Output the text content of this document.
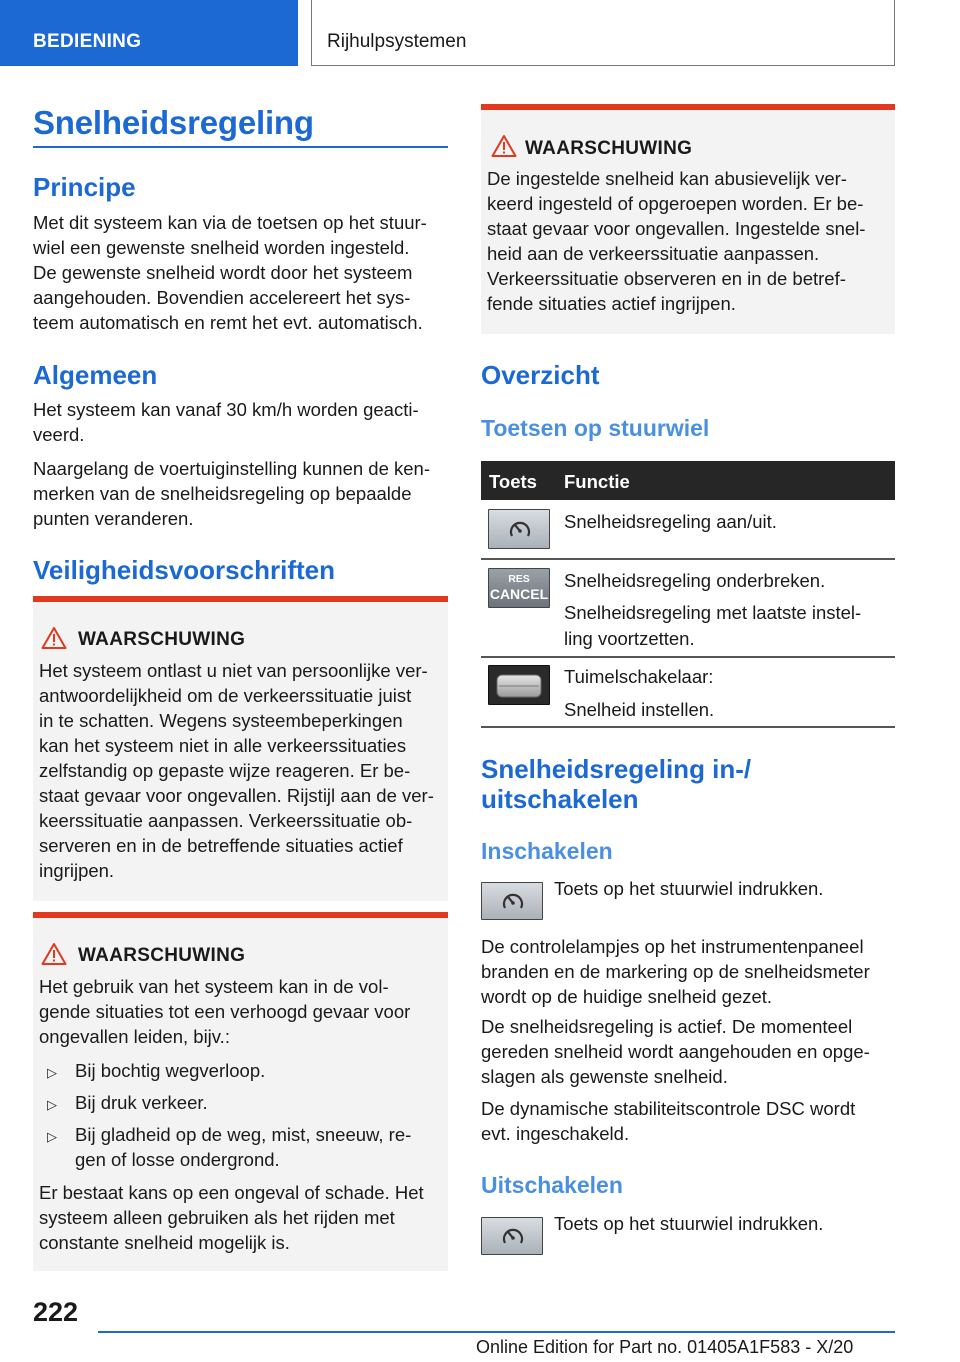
BEDIENING	Rijhulpsystemen
Snelheidsregeling
Principe
Met dit systeem kan via de toetsen op het stuur-
wiel een gewenste snelheid worden ingesteld.
De gewenste snelheid wordt door het systeem
aangehouden. Bovendien accelereert het sys-
teem automatisch en remt het evt. automatisch.
Algemeen
Het systeem kan vanaf 30 km/h worden geacti-
veerd.
Naargelang de voertuiginstelling kunnen de ken-
merken van de snelheidsregeling op bepaalde
punten veranderen.
Veiligheidsvoorschriften
WAARSCHUWING
Het systeem ontlast u niet van persoonlijke ver-
antwoordelijkheid om de verkeerssituatie juist
in te schatten. Wegens systeembeperkingen
kan het systeem niet in alle verkeerssituaties
zelfstandig op gepaste wijze reageren. Er be-
staat gevaar voor ongevallen. Rijstijl aan de ver-
keerssituatie aanpassen. Verkeerssituatie ob-
serveren en in de betreffende situaties actief
ingrijpen.
WAARSCHUWING
Het gebruik van het systeem kan in de vol-
gende situaties tot een verhoogd gevaar voor
ongevallen leiden, bijv.:
▷ Bij bochtig wegverloop.
▷ Bij druk verkeer.
▷ Bij gladheid op de weg, mist, sneeuw, re-
gen of losse ondergrond.
Er bestaat kans op een ongeval of schade. Het
systeem alleen gebruiken als het rijden met
constante snelheid mogelijk is.
WAARSCHUWING
De ingestelde snelheid kan abusievelijk ver-
keerd ingesteld of opgeroepen worden. Er be-
staat gevaar voor ongevallen. Ingestelde snel-
heid aan de verkeerssituatie aanpassen.
Verkeerssituatie observeren en in de betref-
fende situaties actief ingrijpen.
Overzicht
Toetsen op stuurwiel
Toets Functie
Snelheidsregeling aan/uit.
RES
CANCEL
Snelheidsregeling onderbreken.
Snelheidsregeling met laatste instel-
ling voortzetten.
Tuimelschakelaar:
Snelheid instellen.
Snelheidsregeling in-/
uitschakelen
Inschakelen
Toets op het stuurwiel indrukken.
De controlelampjes op het instrumentenpaneel
branden en de markering op de snelheidsmeter
wordt op de huidige snelheid gezet.
De snelheidsregeling is actief. De momenteel
gereden snelheid wordt aangehouden en opge-
slagen als gewenste snelheid.
De dynamische stabiliteitscontrole DSC wordt
evt. ingeschakeld.
Uitschakelen
Toets op het stuurwiel indrukken.
222
Online Edition for Part no. 01405A1F583 - X/20
